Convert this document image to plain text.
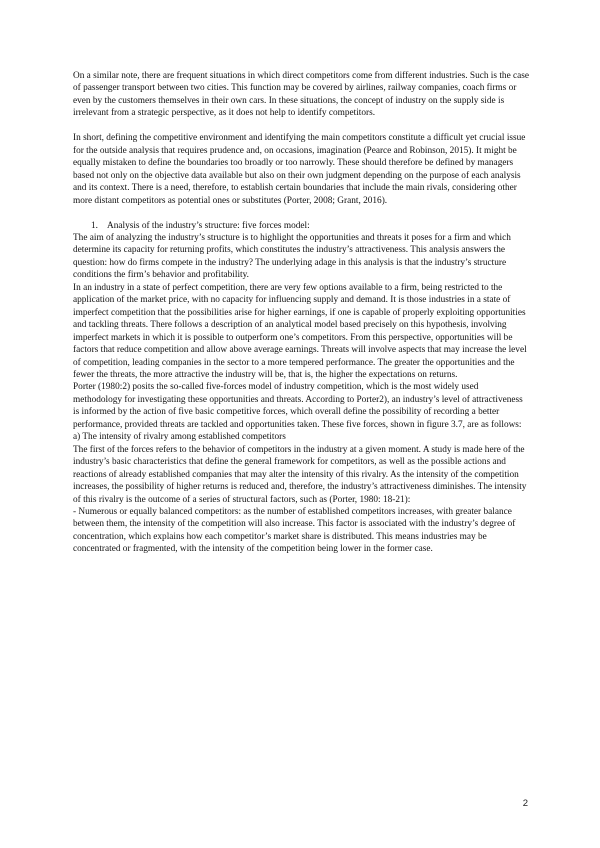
On a similar note, there are frequent situations in which direct competitors come from different industries. Such is the case of passenger transport between two cities. This function may be covered by airlines, railway companies, coach firms or even by the customers themselves in their own cars. In these situations, the concept of industry on the supply side is irrelevant from a strategic perspective, as it does not help to identify competitors.

In short, defining the competitive environment and identifying the main competitors constitute a difficult yet crucial issue for the outside analysis that requires prudence and, on occasions, imagination (Pearce and Robinson, 2015). It might be equally mistaken to define the boundaries too broadly or too narrowly. These should therefore be defined by managers based not only on the objective data available but also on their own judgment depending on the purpose of each analysis and its context. There is a need, therefore, to establish certain boundaries that include the main rivals, considering other more distant competitors as potential ones or substitutes (Porter, 2008; Grant, 2016).

1. Analysis of the industry’s structure: five forces model:

The aim of analyzing the industry’s structure is to highlight the opportunities and threats it poses for a firm and which determine its capacity for returning profits, which constitutes the industry’s attractiveness. This analysis answers the question: how do firms compete in the industry? The underlying adage in this analysis is that the industry’s structure conditions the firm’s behavior and profitability.

In an industry in a state of perfect competition, there are very few options available to a firm, being restricted to the application of the market price, with no capacity for influencing supply and demand. It is those industries in a state of imperfect competition that the possibilities arise for higher earnings, if one is capable of properly exploiting opportunities and tackling threats. There follows a description of an analytical model based precisely on this hypothesis, involving imperfect markets in which it is possible to outperform one’s competitors. From this perspective, opportunities will be factors that reduce competition and allow above average earnings. Threats will involve aspects that may increase the level of competition, leading companies in the sector to a more tempered performance. The greater the opportunities and the fewer the threats, the more attractive the industry will be, that is, the higher the expectations on returns.

Porter (1980:2) posits the so-called five-forces model of industry competition, which is the most widely used methodology for investigating these opportunities and threats. According to Porter2), an industry’s level of attractiveness is informed by the action of five basic competitive forces, which overall define the possibility of recording a better performance, provided threats are tackled and opportunities taken. These five forces, shown in figure 3.7, are as follows:

a) The intensity of rivalry among established competitors

The first of the forces refers to the behavior of competitors in the industry at a given moment. A study is made here of the industry’s basic characteristics that define the general framework for competitors, as well as the possible actions and reactions of already established companies that may alter the intensity of this rivalry. As the intensity of the competition increases, the possibility of higher returns is reduced and, therefore, the industry’s attractiveness diminishes. The intensity of this rivalry is the outcome of a series of structural factors, such as (Porter, 1980: 18-21):

- Numerous or equally balanced competitors: as the number of established competitors increases, with greater balance between them, the intensity of the competition will also increase. This factor is associated with the industry’s degree of concentration, which explains how each competitor’s market share is distributed. This means industries may be concentrated or fragmented, with the intensity of the competition being lower in the former case.

2
